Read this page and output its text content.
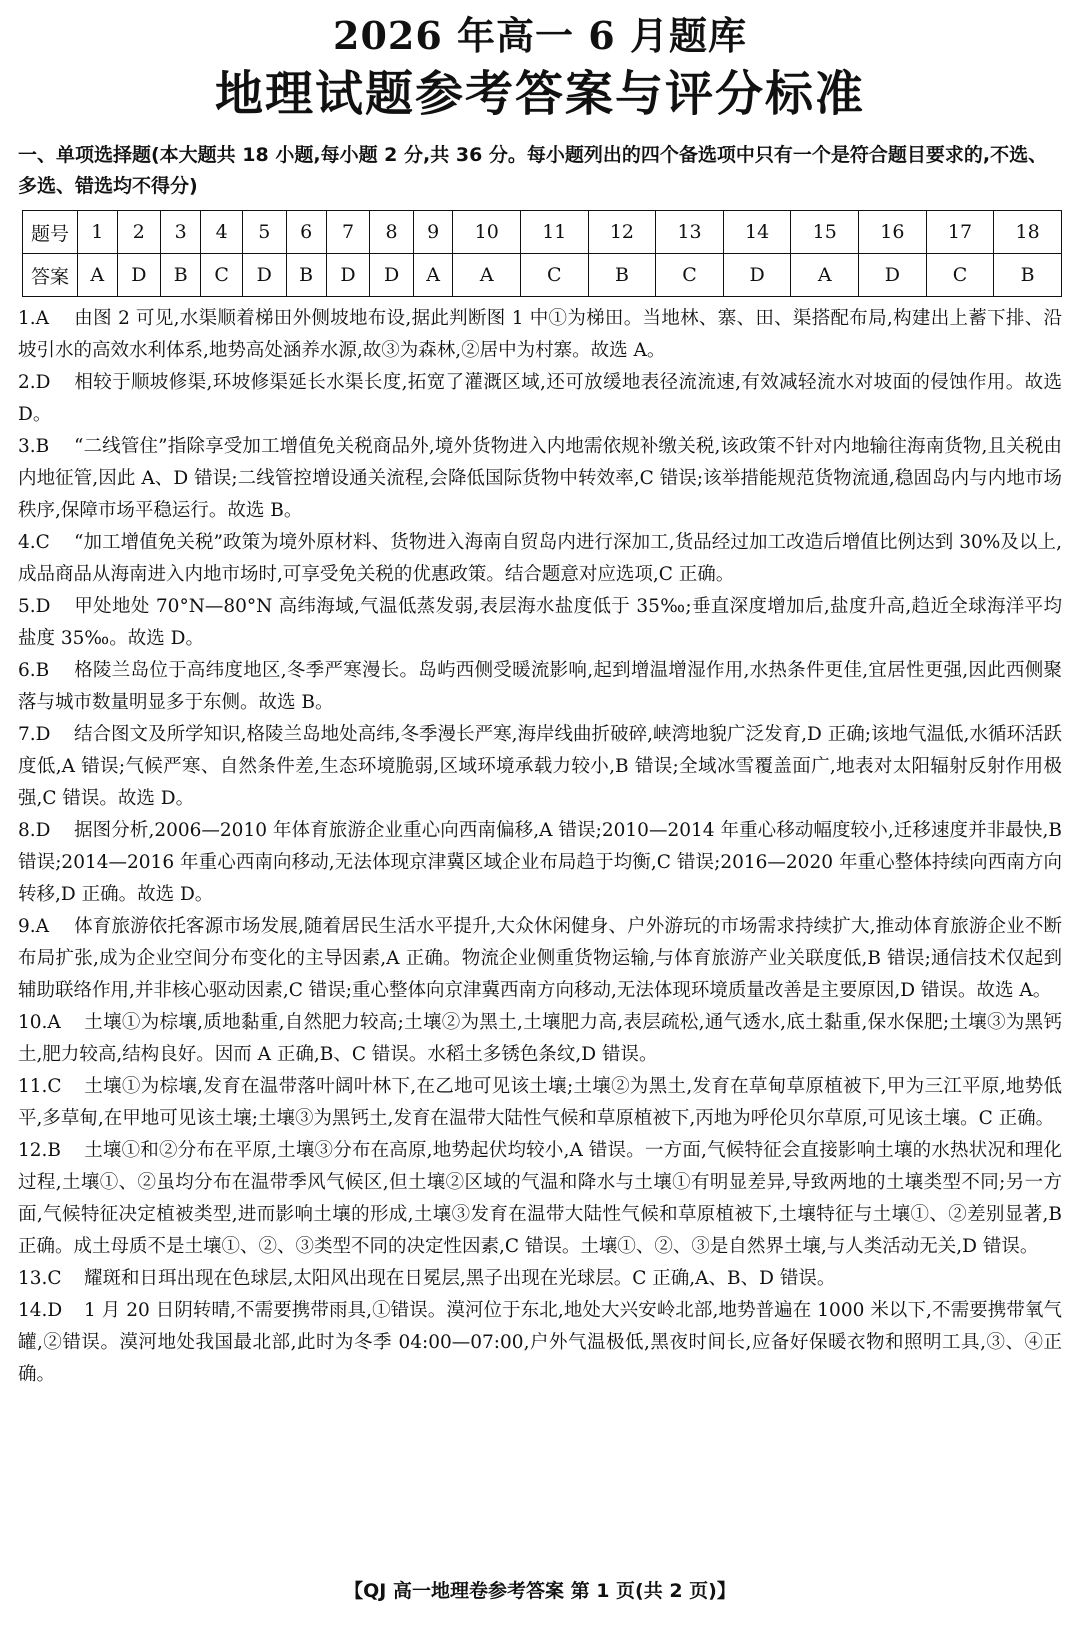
2026 年高一 6 月题库
地理试题参考答案与评分标准

一、单项选择题(本大题共 18 小题,每小题 2 分,共 36 分。每小题列出的四个备选项中只有一个是符合题目要求的,不选、多选、错选均不得分)

题号	1	2	3	4	5	6	7	8	9	10	11	12	13	14	15	16	17	18
答案	A	D	B	C	D	B	D	D	A	A	C	B	C	D	A	D	C	B

1.A 由图 2 可见,水渠顺着梯田外侧坡地布设,据此判断图 1 中①为梯田。当地林、寨、田、渠搭配布局,构建出上蓄下排、沿坡引水的高效水利体系,地势高处涵养水源,故③为森林,②居中为村寨。故选 A。

2.D 相较于顺坡修渠,环坡修渠延长水渠长度,拓宽了灌溉区域,还可放缓地表径流流速,有效减轻流水对坡面的侵蚀作用。故选 D。

3.B “二线管住”指除享受加工增值免关税商品外,境外货物进入内地需依规补缴关税,该政策不针对内地输往海南货物,且关税由内地征管,因此 A、D 错误;二线管控增设通关流程,会降低国际货物中转效率,C 错误;该举措能规范货物流通,稳固岛内与内地市场秩序,保障市场平稳运行。故选 B。

4.C “加工增值免关税”政策为境外原材料、货物进入海南自贸岛内进行深加工,货品经过加工改造后增值比例达到 30%及以上,成品商品从海南进入内地市场时,可享受免关税的优惠政策。结合题意对应选项,C 正确。

5.D 甲处地处 70°N—80°N 高纬海域,气温低蒸发弱,表层海水盐度低于 35‰;垂直深度增加后,盐度升高,趋近全球海洋平均盐度 35‰。故选 D。

6.B 格陵兰岛位于高纬度地区,冬季严寒漫长。岛屿西侧受暖流影响,起到增温增湿作用,水热条件更佳,宜居性更强,因此西侧聚落与城市数量明显多于东侧。故选 B。

7.D 结合图文及所学知识,格陵兰岛地处高纬,冬季漫长严寒,海岸线曲折破碎,峡湾地貌广泛发育,D 正确;该地气温低,水循环活跃度低,A 错误;气候严寒、自然条件差,生态环境脆弱,区域环境承载力较小,B 错误;全域冰雪覆盖面广,地表对太阳辐射反射作用极强,C 错误。故选 D。

8.D 据图分析,2006—2010 年体育旅游企业重心向西南偏移,A 错误;2010—2014 年重心移动幅度较小,迁移速度并非最快,B 错误;2014—2016 年重心西南向移动,无法体现京津冀区域企业布局趋于均衡,C 错误;2016—2020 年重心整体持续向西南方向转移,D 正确。故选 D。

9.A 体育旅游依托客源市场发展,随着居民生活水平提升,大众休闲健身、户外游玩的市场需求持续扩大,推动体育旅游企业不断布局扩张,成为企业空间分布变化的主导因素,A 正确。物流企业侧重货物运输,与体育旅游产业关联度低,B 错误;通信技术仅起到辅助联络作用,并非核心驱动因素,C 错误;重心整体向京津冀西南方向移动,无法体现环境质量改善是主要原因,D 错误。故选 A。

10.A 土壤①为棕壤,质地黏重,自然肥力较高;土壤②为黑土,土壤肥力高,表层疏松,通气透水,底土黏重,保水保肥;土壤③为黑钙土,肥力较高,结构良好。因而 A 正确,B、C 错误。水稻土多锈色条纹,D 错误。

11.C 土壤①为棕壤,发育在温带落叶阔叶林下,在乙地可见该土壤;土壤②为黑土,发育在草甸草原植被下,甲为三江平原,地势低平,多草甸,在甲地可见该土壤;土壤③为黑钙土,发育在温带大陆性气候和草原植被下,丙地为呼伦贝尔草原,可见该土壤。C 正确。

12.B 土壤①和②分布在平原,土壤③分布在高原,地势起伏均较小,A 错误。一方面,气候特征会直接影响土壤的水热状况和理化过程,土壤①、②虽均分布在温带季风气候区,但土壤②区域的气温和降水与土壤①有明显差异,导致两地的土壤类型不同;另一方面,气候特征决定植被类型,进而影响土壤的形成,土壤③发育在温带大陆性气候和草原植被下,土壤特征与土壤①、②差别显著,B 正确。成土母质不是土壤①、②、③类型不同的决定性因素,C 错误。土壤①、②、③是自然界土壤,与人类活动无关,D 错误。

13.C 耀斑和日珥出现在色球层,太阳风出现在日冕层,黑子出现在光球层。C 正确,A、B、D 错误。

14.D 1 月 20 日阴转晴,不需要携带雨具,①错误。漠河位于东北,地处大兴安岭北部,地势普遍在 1000 米以下,不需要携带氧气罐,②错误。漠河地处我国最北部,此时为冬季 04:00—07:00,户外气温极低,黑夜时间长,应备好保暖衣物和照明工具,③、④正确。

【QJ 高一地理卷参考答案 第 1 页(共 2 页)】
